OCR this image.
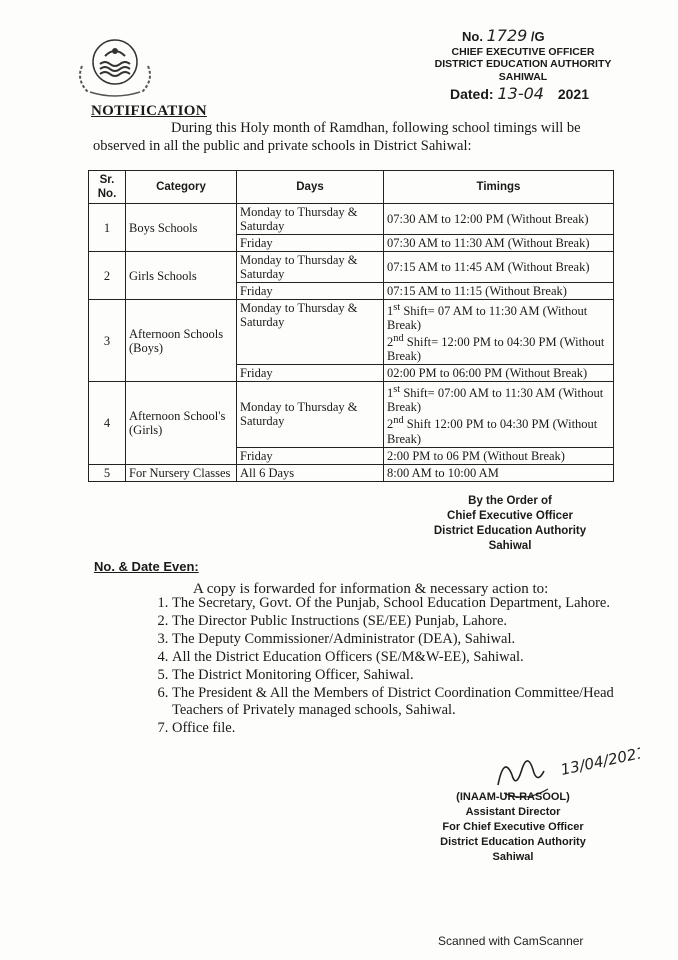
No. 1729 /G
CHIEF EXECUTIVE OFFICER
DISTRICT EDUCATION AUTHORITY
SAHIWAL
Dated: 13-04 2021
NOTIFICATION
During this Holy month of Ramdhan, following school timings will be observed in all the public and private schools in District Sahiwal:
Sr. No.	Category	Days	Timings
1	Boys Schools	Monday to Thursday & Saturday	07:30 AM to 12:00 PM (Without Break)
		Friday	07:30 AM to 11:30 AM (Without Break)
2	Girls Schools	Monday to Thursday & Saturday	07:15 AM to 11:45 AM (Without Break)
		Friday	07:15 AM to 11:15 (Without Break)
3	Afternoon Schools (Boys)	Monday to Thursday & Saturday	1st Shift= 07 AM to 11:30 AM (Without Break)
2nd Shift= 12:00 PM to 04:30 PM (Without Break)

		Friday	02:00 PM to 06:00 PM (Without Break)
4	Afternoon School's (Girls)	Monday to Thursday & Saturday	1st Shift= 07:00 AM to 11:30 AM (Without Break)
2nd Shift 12:00 PM to 04:30 PM (Without Break)

		Friday	2:00 PM to 06 PM (Without Break)
5	For Nursery Classes	All 6 Days	8:00 AM to 10:00 AM
By the Order of
Chief Executive Officer
District Education Authority
Sahiwal
No. & Date Even:
A copy is forwarded for information & necessary action to:
1. The Secretary, Govt. Of the Punjab, School Education Department, Lahore.
2. The Director Public Instructions (SE/EE) Punjab, Lahore.
3. The Deputy Commissioner/Administrator (DEA), Sahiwal.
4. All the District Education Officers (SE/M&W-EE), Sahiwal.
5. The District Monitoring Officer, Sahiwal.
6. The President & All the Members of District Coordination Committee/Head Teachers of Privately managed schools, Sahiwal.
7. Office file.
13/04/2021
(INAAM-UR-RASOOL)
Assistant Director
For Chief Executive Officer
District Education Authority
Sahiwal
Scanned with CamScanner
